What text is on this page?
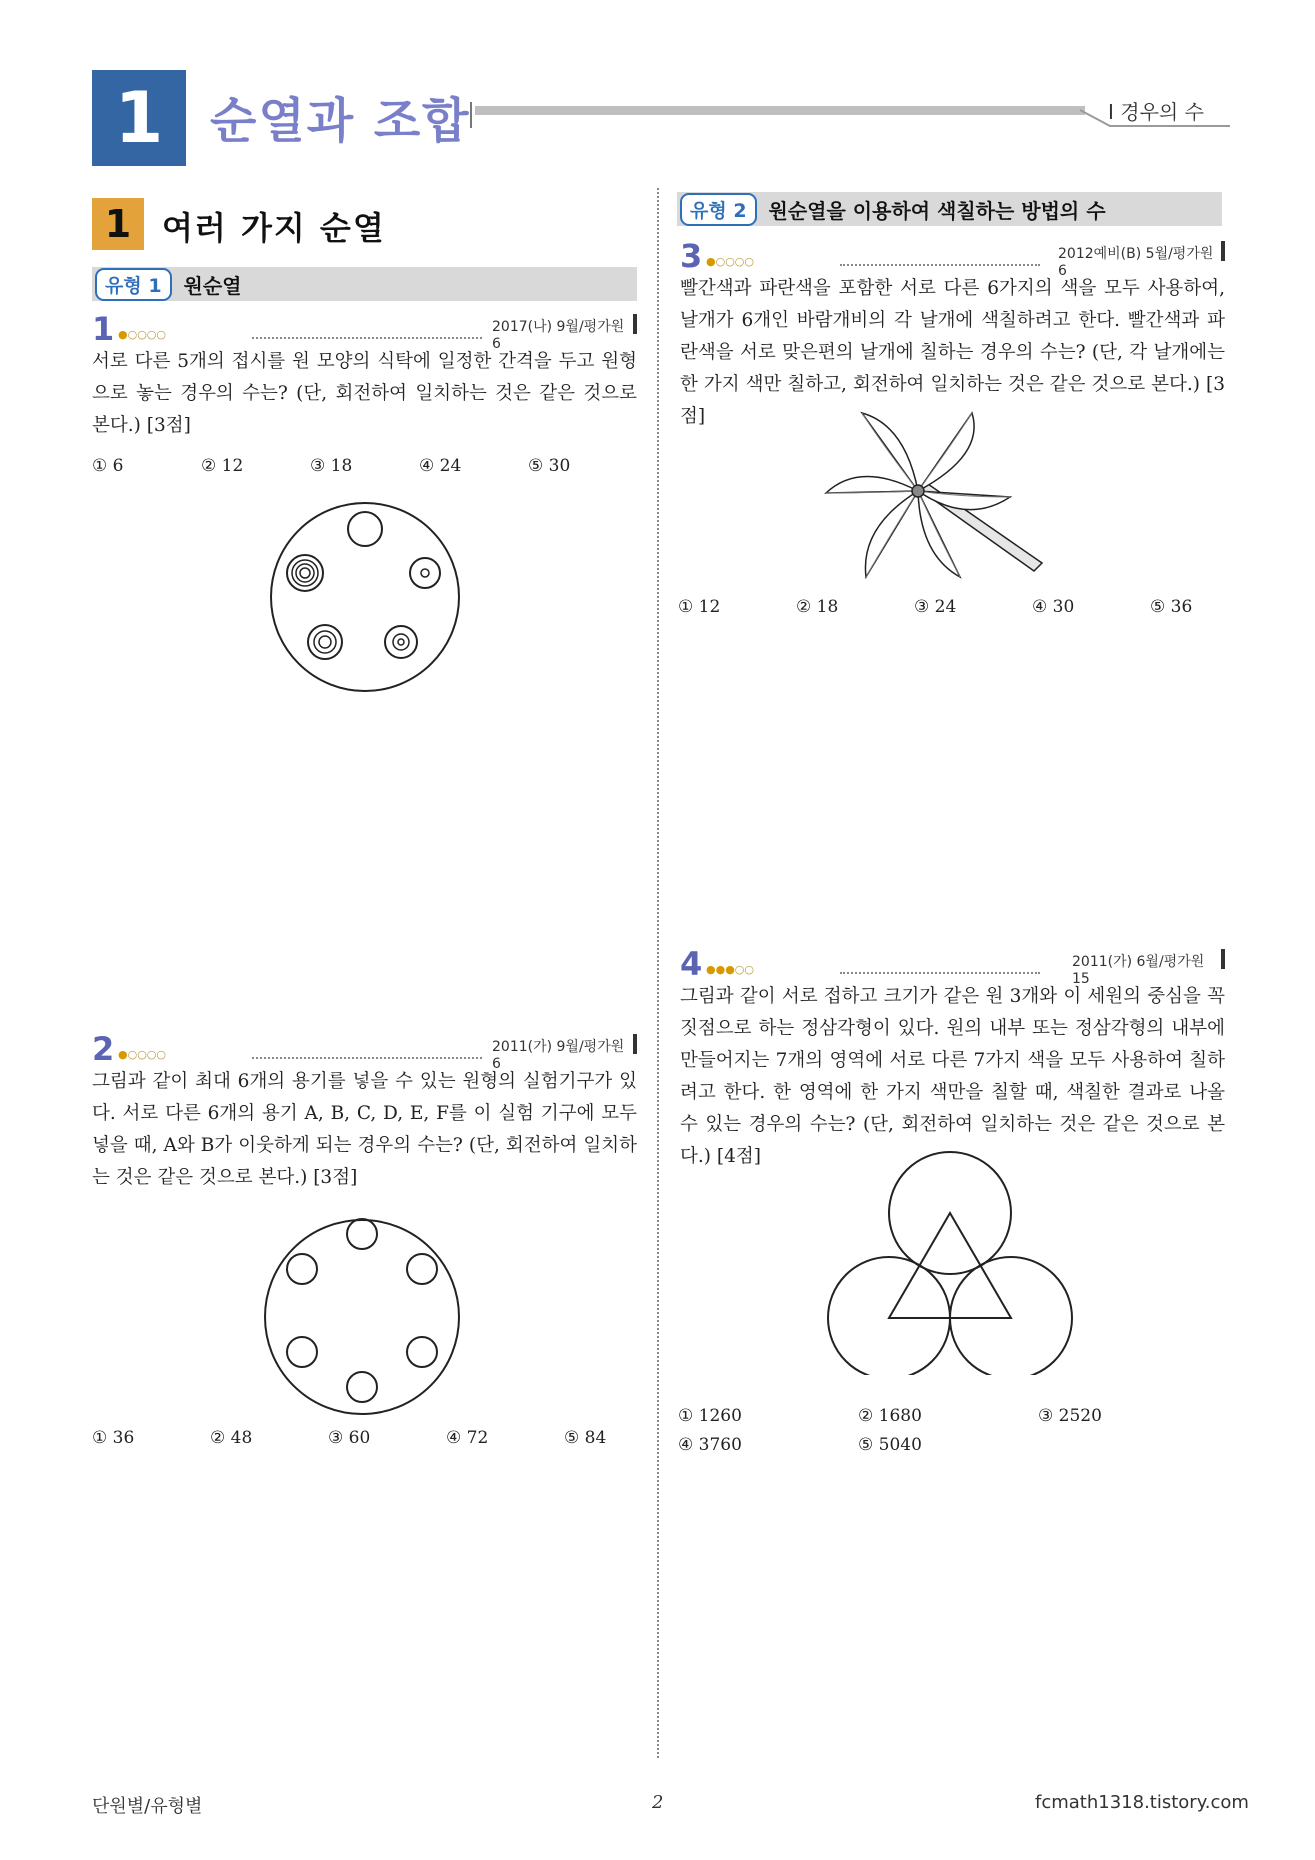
1 순열과 조합	Ⅰ 경우의 수
1 여러 가지 순열
유형 1	원순열
1 ●○○○○	2017(나) 9월/평가원 6
서로 다른 5개의 접시를 원 모양의 식탁에 일정한 간격을 두고 원형으로 놓는 경우의 수는? (단, 회전하여 일치하는 것은 같은 것으로 본다.) [3점]
① 6	② 12	③ 18	④ 24	⑤ 30
2 ●○○○○	2011(가) 9월/평가원 6
그림과 같이 최대 6개의 용기를 넣을 수 있는 원형의 실험기구가 있다. 서로 다른 6개의 용기 A, B, C, D, E, F를 이 실험 기구에 모두 넣을 때, A와 B가 이웃하게 되는 경우의 수는? (단, 회전하여 일치하는 것은 같은 것으로 본다.) [3점]
① 36	② 48	③ 60	④ 72	⑤ 84
유형 2	원순열을 이용하여 색칠하는 방법의 수
3 ●○○○○	2012예비(B) 5월/평가원 6
빨간색과 파란색을 포함한 서로 다른 6가지의 색을 모두 사용하여, 날개가 6개인 바람개비의 각 날개에 색칠하려고 한다. 빨간색과 파란색을 서로 맞은편의 날개에 칠하는 경우의 수는? (단, 각 날개에는 한 가지 색만 칠하고, 회전하여 일치하는 것은 같은 것으로 본다.) [3점]
① 12	② 18	③ 24	④ 30	⑤ 36
4 ●●●○○	2011(가) 6월/평가원 15
그림과 같이 서로 접하고 크기가 같은 원 3개와 이 세원의 중심을 꼭짓점으로 하는 정삼각형이 있다. 원의 내부 또는 정삼각형의 내부에 만들어지는 7개의 영역에 서로 다른 7가지 색을 모두 사용하여 칠하려고 한다. 한 영역에 한 가지 색만을 칠할 때, 색칠한 결과로 나올 수 있는 경우의 수는? (단, 회전하여 일치하는 것은 같은 것으로 본다.) [4점]
① 1260	② 1680	③ 2520
④ 3760	⑤ 5040
단원별/유형별	2	fcmath1318.tistory.com
